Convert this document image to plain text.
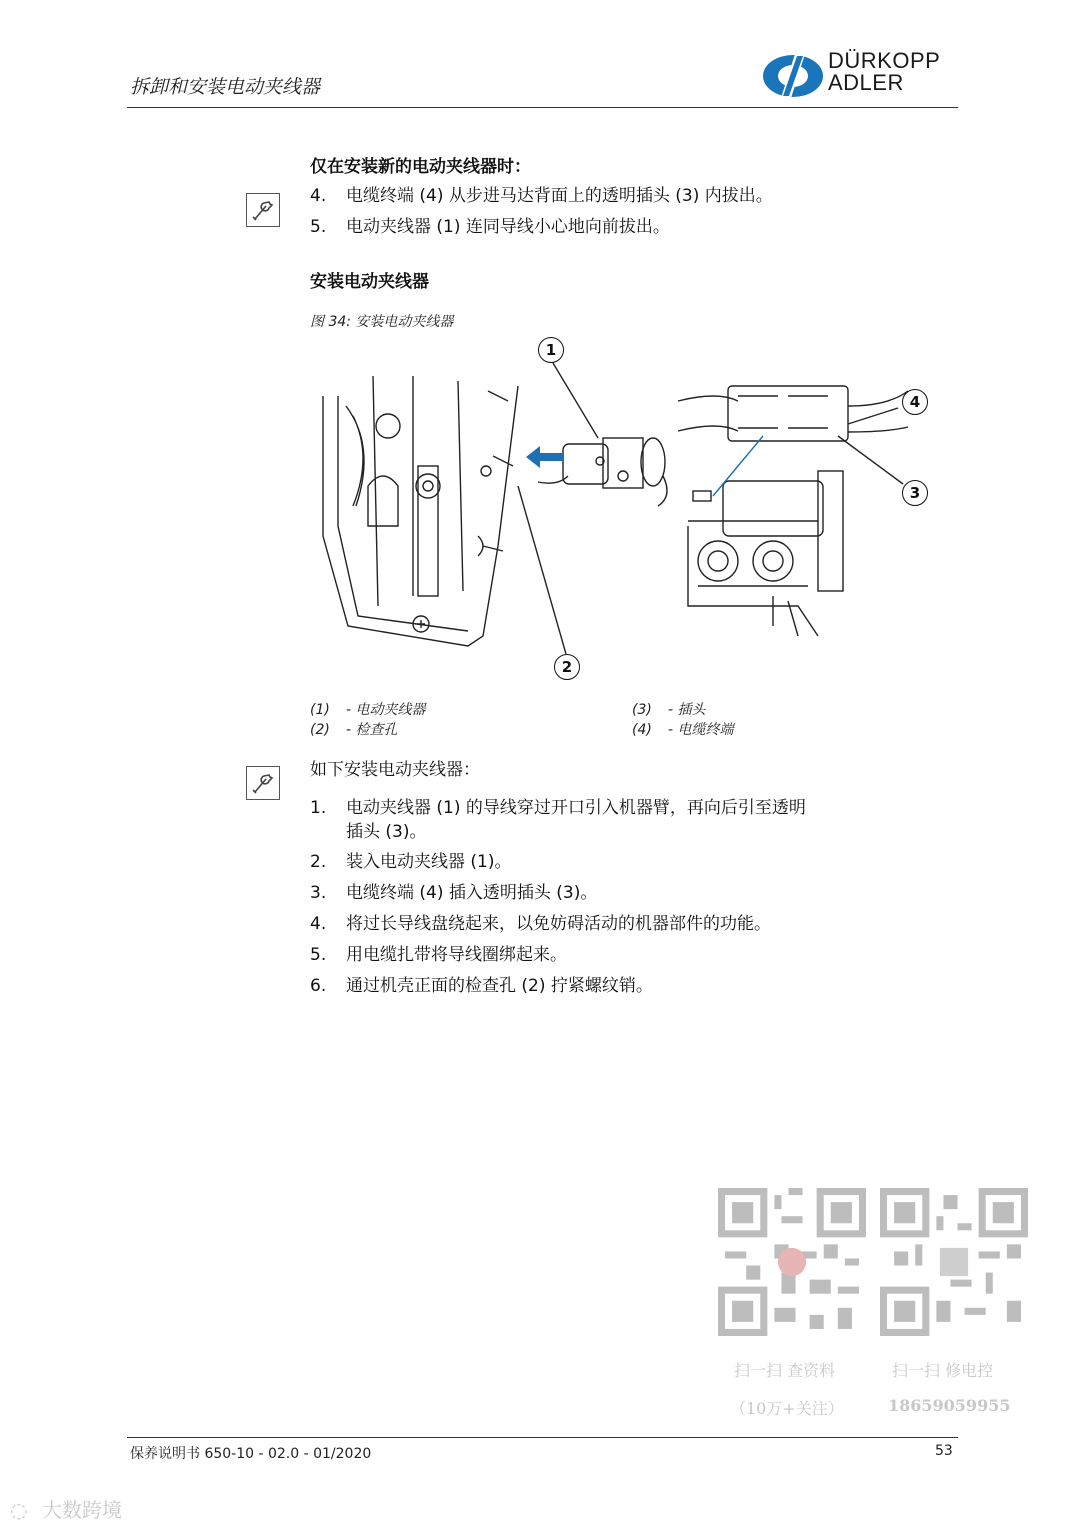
拆卸和安装电动夹线器
DÜRKOPP
ADLER
仅在安装新的电动夹线器时：
4. 电缆终端 (4) 从步进马达背面上的透明插头 (3) 内拔出。
5. 电动夹线器 (1) 连同导线小心地向前拔出。
安装电动夹线器
图 34: 安装电动夹线器
1
2
3
4
(1) - 电动夹线器
(2) - 检查孔
(3) - 插头
(4) - 电缆终端
如下安装电动夹线器：
1. 电动夹线器 (1) 的导线穿过开口引入机器臂，再向后引至透明
插头 (3)。
2. 装入电动夹线器 (1)。
3. 电缆终端 (4) 插入透明插头 (3)。
4. 将过长导线盘绕起来，以免妨碍活动的机器部件的功能。
5. 用电缆扎带将导线圈绑起来。
6. 通过机壳正面的检查孔 (2) 拧紧螺纹销。
扫一扫 查资料
（10万+关注）
扫一扫 修电控
18659059955
保养说明书 650-10 - 02.0 - 01/2020	53
◌ 大数跨境
